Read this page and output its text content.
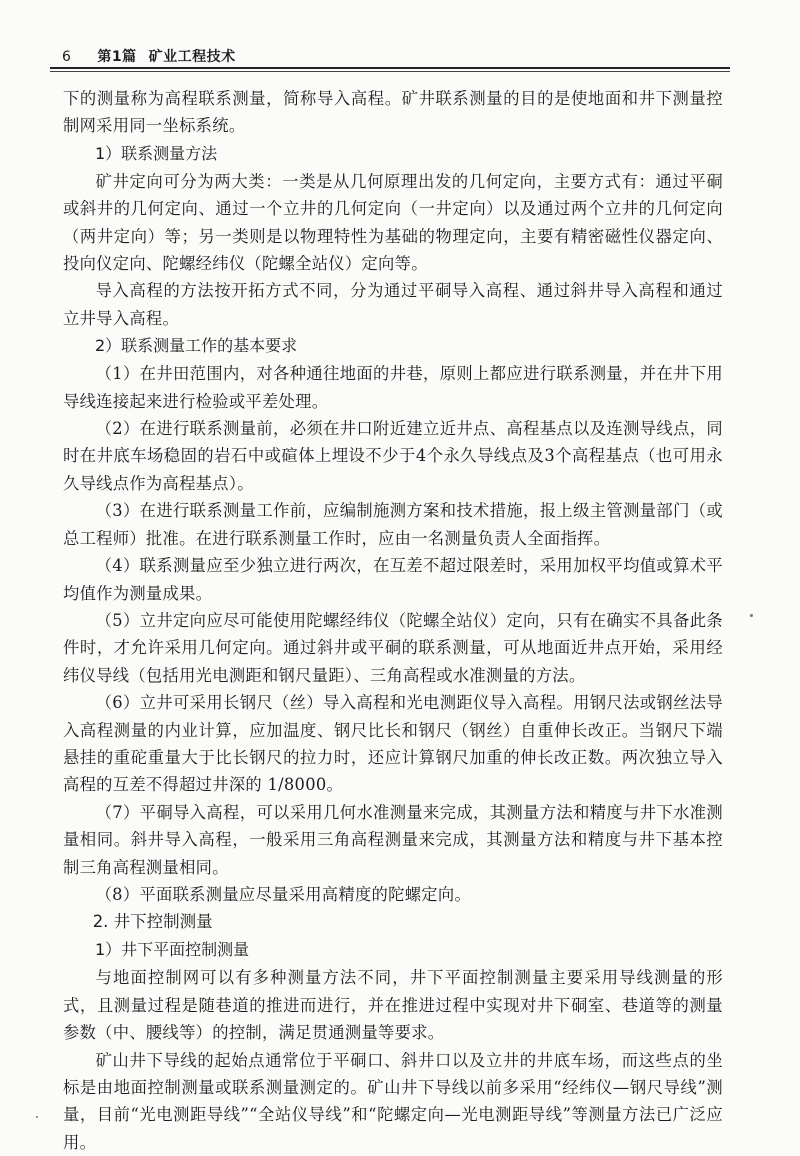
6 第1篇 矿业工程技术

下的测量称为高程联系测量，简称导入高程。矿井联系测量的目的是使地面和井下测量控制网采用同一坐标系统。

1）联系测量方法

矿井定向可分为两大类：一类是从几何原理出发的几何定向，主要方式有：通过平硐或斜井的几何定向、通过一个立井的几何定向（一井定向）以及通过两个立井的几何定向（两井定向）等；另一类则是以物理特性为基础的物理定向，主要有精密磁性仪器定向、投向仪定向、陀螺经纬仪（陀螺全站仪）定向等。

导入高程的方法按开拓方式不同，分为通过平硐导入高程、通过斜井导入高程和通过立井导入高程。

2）联系测量工作的基本要求

（1）在井田范围内，对各种通往地面的井巷，原则上都应进行联系测量，并在井下用导线连接起来进行检验或平差处理。

（2）在进行联系测量前，必须在井口附近建立近井点、高程基点以及连测导线点，同时在井底车场稳固的岩石中或碹体上埋设不少于4个永久导线点及3个高程基点（也可用永久导线点作为高程基点）。

（3）在进行联系测量工作前，应编制施测方案和技术措施，报上级主管测量部门（或总工程师）批准。在进行联系测量工作时，应由一名测量负责人全面指挥。

（4）联系测量应至少独立进行两次，在互差不超过限差时，采用加权平均值或算术平均值作为测量成果。

（5）立井定向应尽可能使用陀螺经纬仪（陀螺全站仪）定向，只有在确实不具备此条件时，才允许采用几何定向。通过斜井或平硐的联系测量，可从地面近井点开始，采用经纬仪导线（包括用光电测距和钢尺量距）、三角高程或水准测量的方法。

（6）立井可采用长钢尺（丝）导入高程和光电测距仪导入高程。用钢尺法或钢丝法导入高程测量的内业计算，应加温度、钢尺比长和钢尺（钢丝）自重伸长改正。当钢尺下端悬挂的重砣重量大于比长钢尺的拉力时，还应计算钢尺加重的伸长改正数。两次独立导入高程的互差不得超过井深的 1/8000。

（7）平硐导入高程，可以采用几何水准测量来完成，其测量方法和精度与井下水准测量相同。斜井导入高程，一般采用三角高程测量来完成，其测量方法和精度与井下基本控制三角高程测量相同。

（8）平面联系测量应尽量采用高精度的陀螺定向。

2. 井下控制测量

1）井下平面控制测量

与地面控制网可以有多种测量方法不同，井下平面控制测量主要采用导线测量的形式，且测量过程是随巷道的推进而进行，并在推进过程中实现对井下硐室、巷道等的测量参数（中、腰线等）的控制，满足贯通测量等要求。

矿山井下导线的起始点通常位于平硐口、斜井口以及立井的井底车场，而这些点的坐标是由地面控制测量或联系测量测定的。矿山井下导线以前多采用“经纬仪—钢尺导线”测量，目前“光电测距导线”“全站仪导线”和“陀螺定向—光电测距导线”等测量方法已广泛应用。
